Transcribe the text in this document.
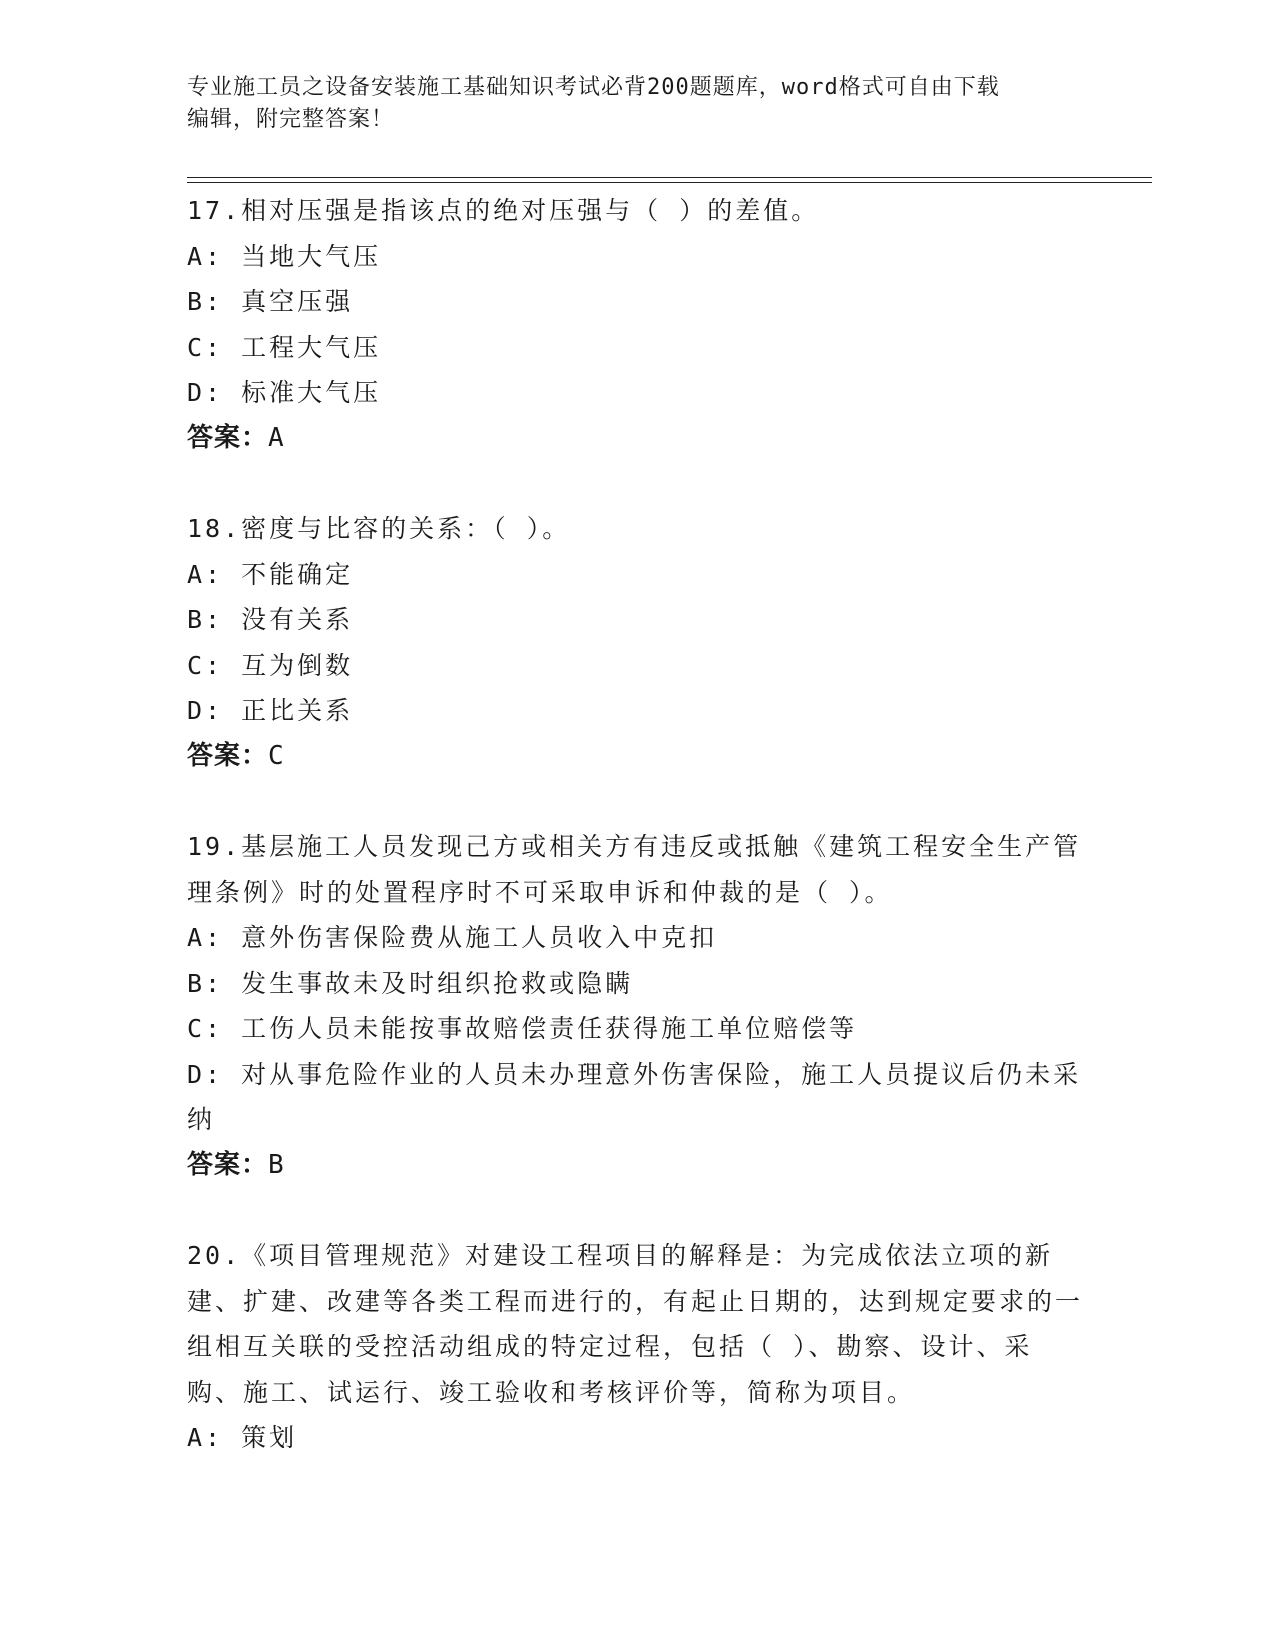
专业施工员之设备安装施工基础知识考试必背200题题库，word格式可自由下载
编辑，附完整答案！
17.相对压强是指该点的绝对压强与（ ）的差值。
A: 当地大气压
B: 真空压强
C: 工程大气压
D: 标准大气压
答案：A
18.密度与比容的关系：（ ）。
A: 不能确定
B: 没有关系
C: 互为倒数
D: 正比关系
答案：C
19.基层施工人员发现己方或相关方有违反或抵触《建筑工程安全生产管理条例》时的处置程序时不可采取申诉和仲裁的是（ ）。
A: 意外伤害保险费从施工人员收入中克扣
B: 发生事故未及时组织抢救或隐瞒
C: 工伤人员未能按事故赔偿责任获得施工单位赔偿等
D: 对从事危险作业的人员未办理意外伤害保险，施工人员提议后仍未采纳
答案：B
20.《项目管理规范》对建设工程项目的解释是：为完成依法立项的新建、扩建、改建等各类工程而进行的，有起止日期的，达到规定要求的一组相互关联的受控活动组成的特定过程，包括（ ）、勘察、设计、采购、施工、试运行、竣工验收和考核评价等，简称为项目。
A: 策划
